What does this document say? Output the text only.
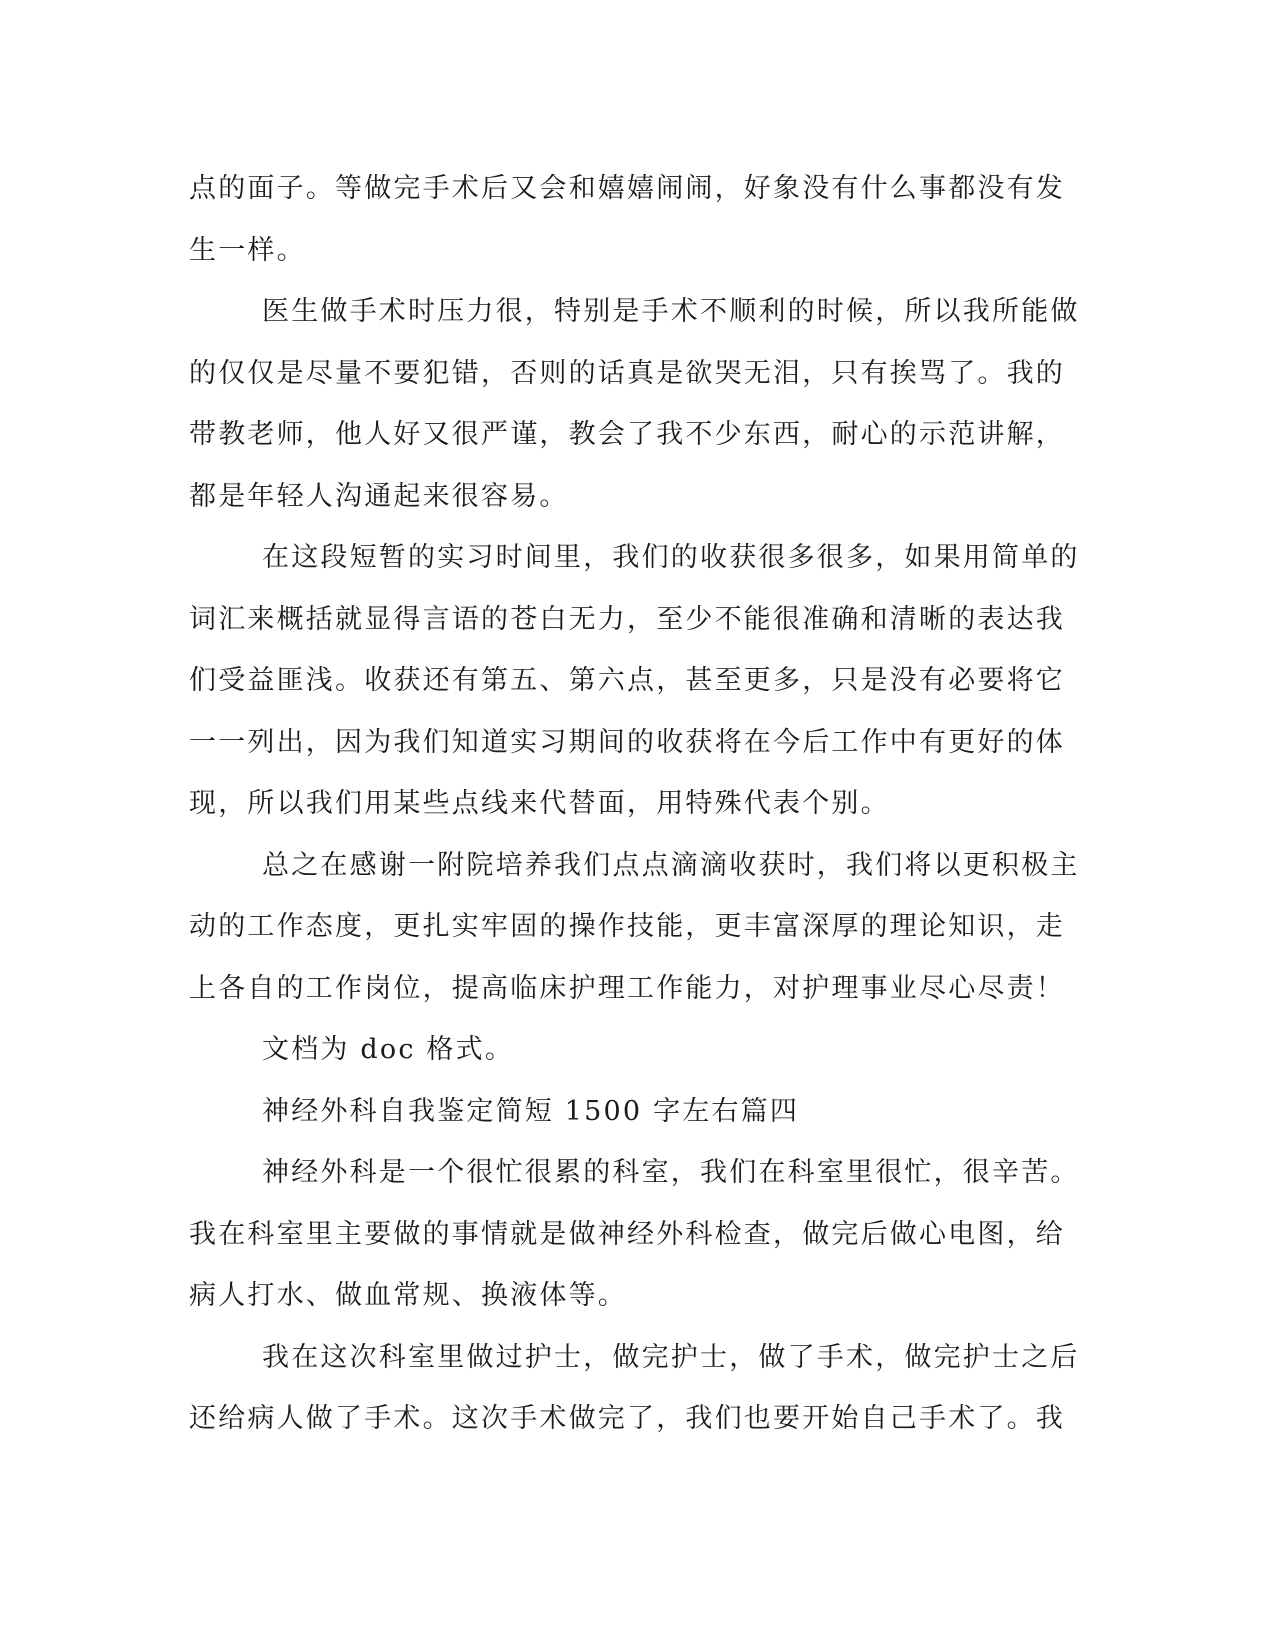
点的面子。等做完手术后又会和嬉嬉闹闹，好象没有什么事都没有发
生一样。
医生做手术时压力很，特别是手术不顺利的时候，所以我所能做
的仅仅是尽量不要犯错，否则的话真是欲哭无泪，只有挨骂了。我的
带教老师，他人好又很严谨，教会了我不少东西，耐心的示范讲解，
都是年轻人沟通起来很容易。
在这段短暂的实习时间里，我们的收获很多很多，如果用简单的
词汇来概括就显得言语的苍白无力，至少不能很准确和清晰的表达我
们受益匪浅。收获还有第五、第六点，甚至更多，只是没有必要将它
一一列出，因为我们知道实习期间的收获将在今后工作中有更好的体
现，所以我们用某些点线来代替面，用特殊代表个别。
总之在感谢一附院培养我们点点滴滴收获时，我们将以更积极主
动的工作态度，更扎实牢固的操作技能，更丰富深厚的理论知识，走
上各自的工作岗位，提高临床护理工作能力，对护理事业尽心尽责！
文档为 doc 格式。
神经外科自我鉴定简短 1500 字左右篇四
神经外科是一个很忙很累的科室，我们在科室里很忙，很辛苦。
我在科室里主要做的事情就是做神经外科检查，做完后做心电图，给
病人打水、做血常规、换液体等。
我在这次科室里做过护士，做完护士，做了手术，做完护士之后
还给病人做了手术。这次手术做完了，我们也要开始自己手术了。我
